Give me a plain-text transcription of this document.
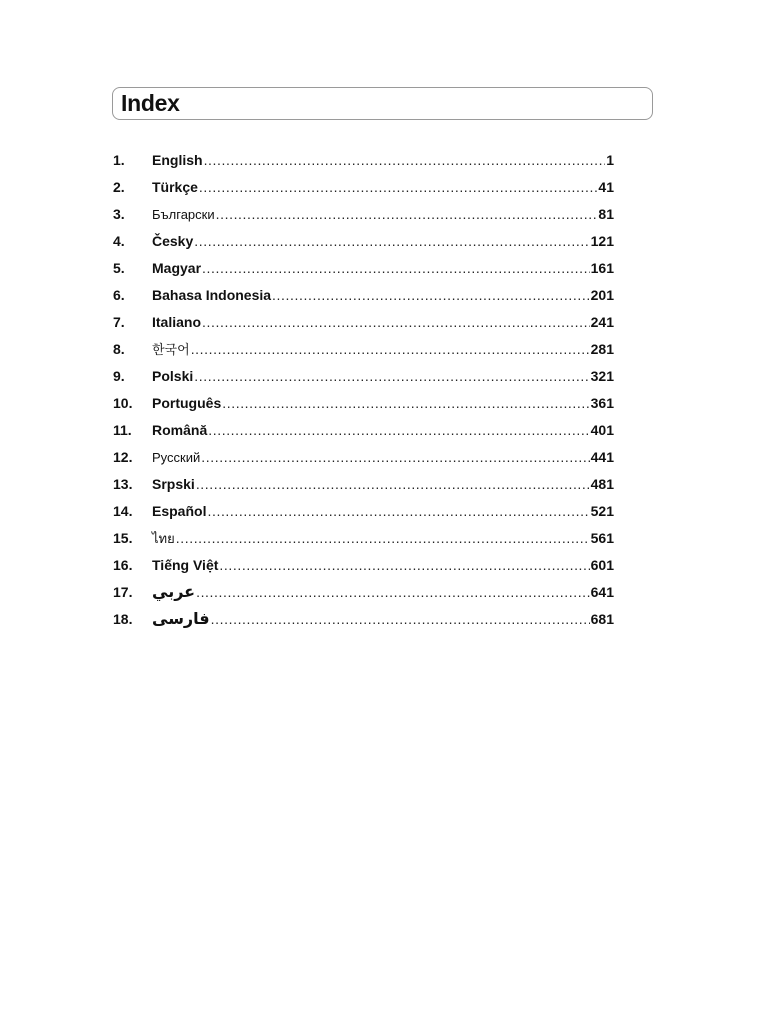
Index
1.	English .....	1
2.	Türkçe .....	41
3.	Български .....	81
4.	Česky .....	121
5.	Magyar .....	161
6.	Bahasa Indonesia .....	201
7.	Italiano .....	241
8.	한국어 .....	281
9.	Polski .....	321
10.	Português .....	361
11.	Română .....	401
12.	Русский .....	441
13.	Srpski .....	481
14.	Español .....	521
15.	ไทย .....	561
16.	Tiếng Việt .....	601
17.	عربي .....	641
18.	فارسی .....	681
